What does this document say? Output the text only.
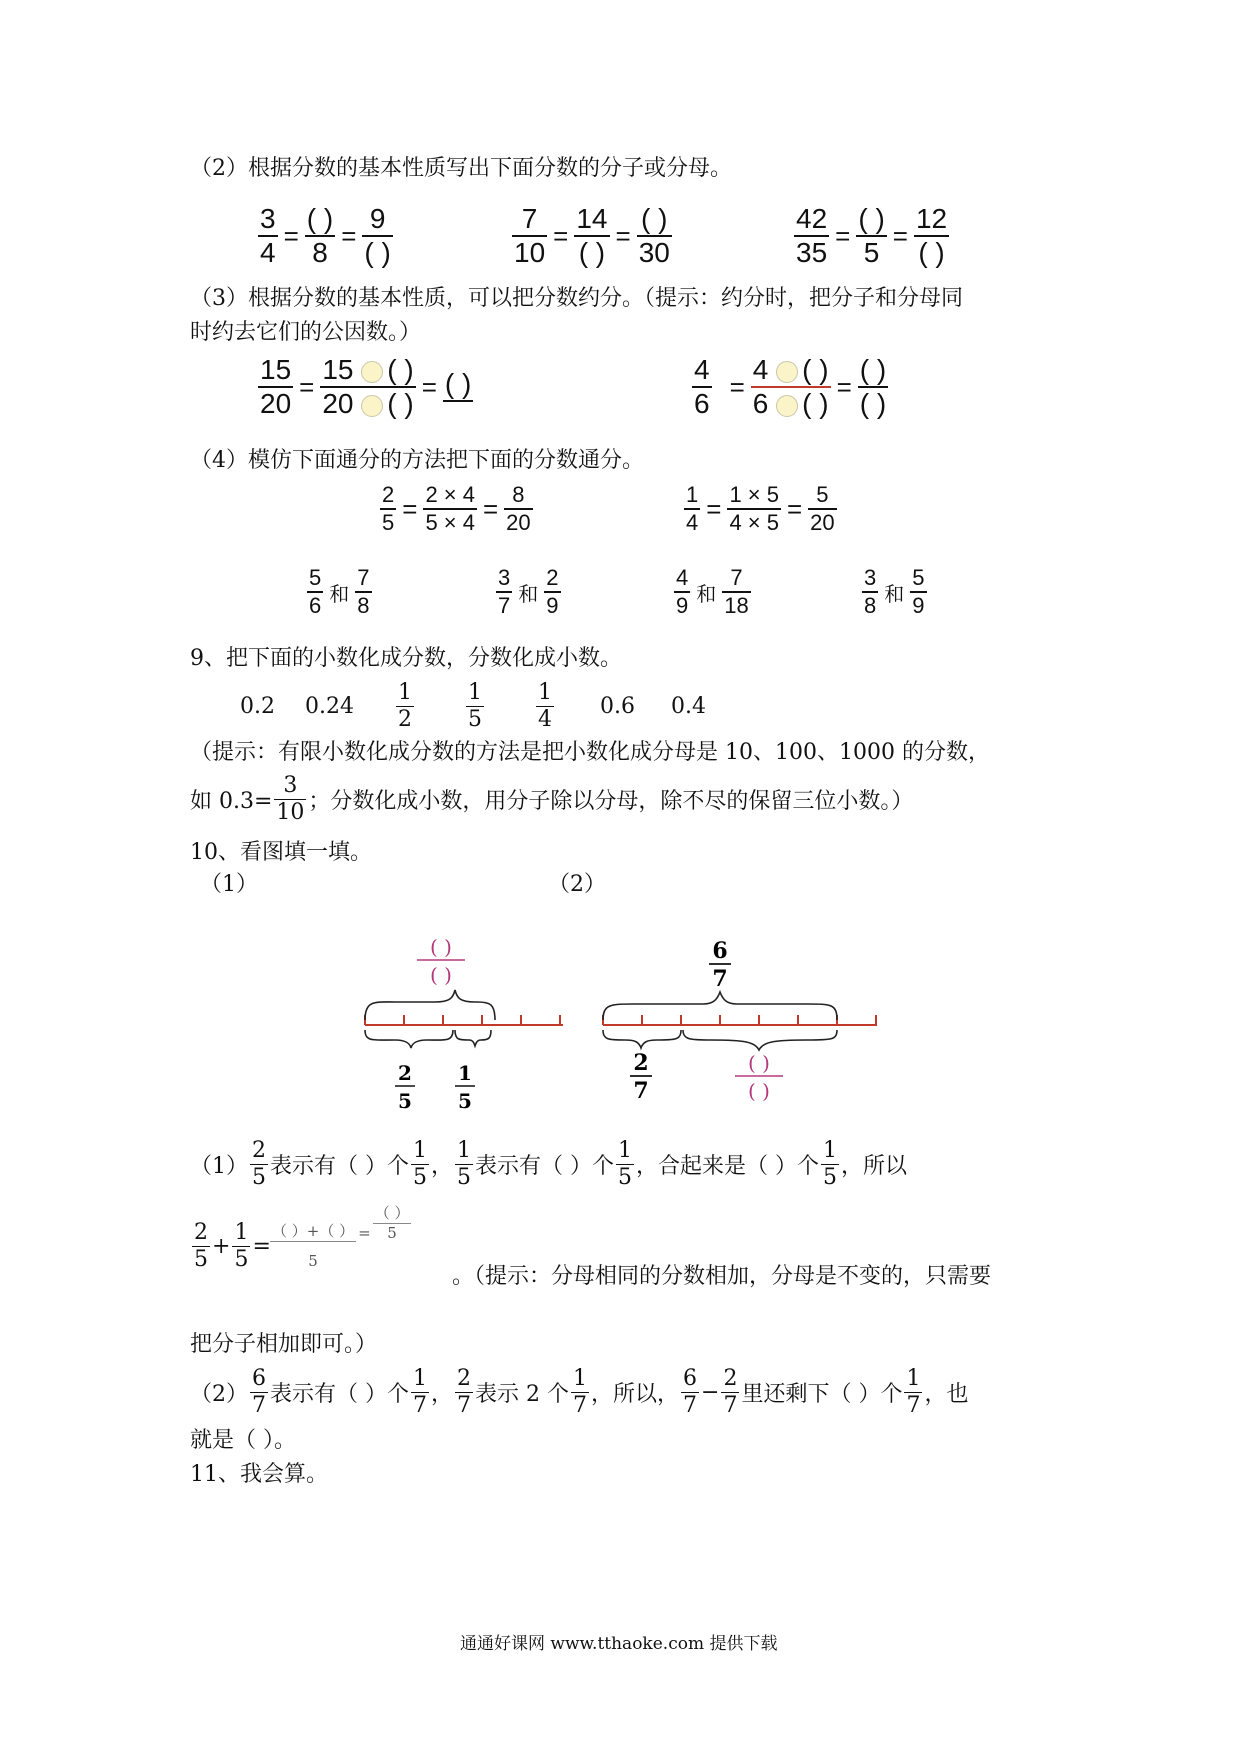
（2）根据分数的基本性质写出下面分数的分子或分母。
$\frac{3}{4} = \frac{( )}{8} = \frac{9}{( )}$	$\frac{7}{10} = \frac{14}{( )} = \frac{( )}{30}$	$\frac{42}{35} = \frac{( )}{5} = \frac{12}{( )}$
（3）根据分数的基本性质，可以把分数约分。（提示：约分时，把分子和分母同
时约去它们的公因数。）
$\frac{15}{20} = \frac{15 ( )}{20 ( )}$ = ( )	$\frac{4}{6} = \frac{4 ( )}{6 ( )} = \frac{( )}{( )}$
（4）模仿下面通分的方法把下面的分数通分。
$\frac{2}{5} = \frac{2 \times 4}{5 \times 4} = \frac{8}{20}$	$\frac{1}{4} = \frac{1 \times 5}{4 \times 5} = \frac{5}{20}$
$\frac{5}{6}$ 和 $\frac{7}{8}$	$\frac{3}{7}$ 和 $\frac{2}{9}$	$\frac{4}{9}$ 和 $\frac{7}{18}$	$\frac{3}{8}$ 和 $\frac{5}{9}$
9、把下面的小数化成分数，分数化成小数。
0.2 $0.24 \frac{1}{2} \frac{1}{5} \frac{1}{4} 0.6$ 0.4
（提示：有限小数化成分数的方法是把小数化成分母是 10、100、1000 的分数，
如 $0.3= \frac{3}{10}$ ；分数化成小数，用分子除以分母，除不尽的保留三位小数。）
10、看图填一填。
（1）	（2）
( )
( )
2
5
1
5
6
7
2
7
( )
( )
$(1) \frac{2}{5}$ 表示有（ ）个 $\frac{1}{5}$ ， $\frac{1}{5}$ 表示有（ ）个 $\frac{1}{5}$ ，合起来是（ ）个 $\frac{1}{5}$ ，所以
$\frac{2}{5} + \frac{1}{5} = \frac{( )+( )}{5} = \frac{( )}{5}$
。（提示：分母相同的分数相加，分母是不变的，只需要
把分子相加即可。）
$(2) \frac{6}{7}$ 表示有（ ）个 $\frac{1}{7}$ ， $\frac{2}{7}$ 表示 2 个 $\frac{1}{7}$ ，所以， $\frac{6}{7} - \frac{2}{7}$ 里还剩下（ ）个 $\frac{1}{7}$ ，也
就是（ ）。
11、我会算。
通通好课网 www.tthaoke.com 提供下载
